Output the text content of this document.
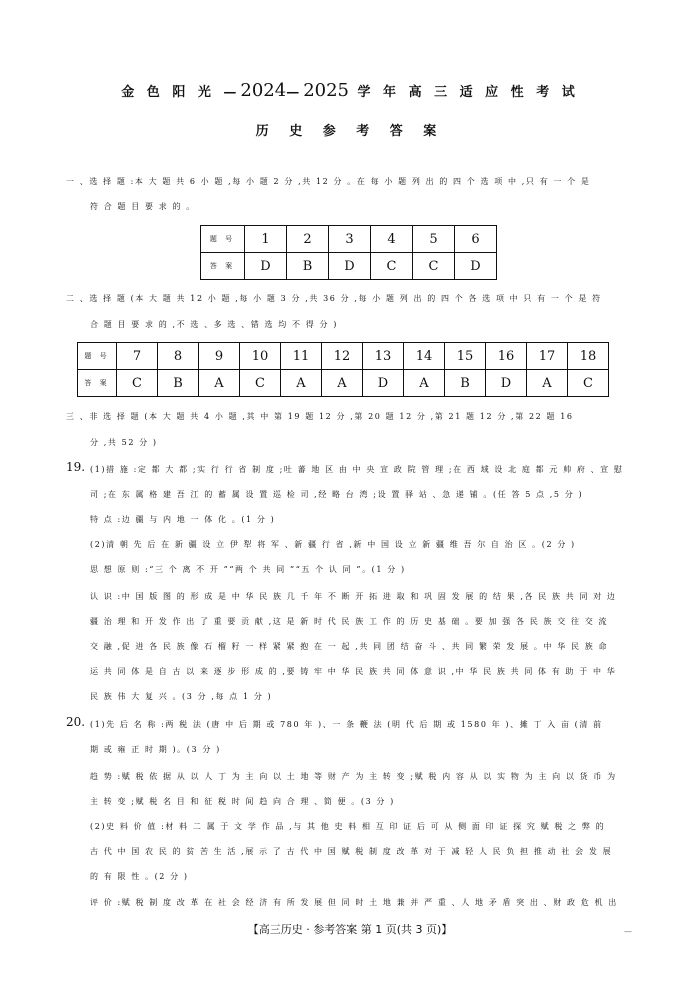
金 色 阳 光 —2024—2025 学 年 高 三 适 应 性 考 试
历 史 参 考 答 案
一 、选 择 题 :本 大 题 共 6 小 题 ,每 小 题 2 分 ,共 12 分 。在 每 小 题 列 出 的 四 个 选 项 中 ,只 有 一 个 是
符 合 题 目 要 求 的 。
题 号	1	2	3	4	5	6
答 案	D	B	D	C	C	D
二 、选 择 题 (本 大 题 共 12 小 题 ,每 小 题 3 分 ,共 36 分 ,每 小 题 列 出 的 四 个 各 选 项 中 只 有 一 个 是 符
合 题 目 要 求 的 ,不 选 、多 选 、错 选 均 不 得 分 )
题 号	7	8	9	10	11	12	13	14	15	16	17	18
答 案	C	B	A	C	A	A	D	A	B	D	A	C
三 、非 选 择 题 (本 大 题 共 4 小 题 ,其 中 第 19 题 12 分 ,第 20 题 12 分 ,第 21 题 12 分 ,第 22 题 16
分 ,共 52 分 )
19. (1)措 施 :定 都 大 都 ;实 行 行 省 制 度 ;吐 蕃 地 区 由 中 央 宣 政 院 管 理 ;在 西 域 设 北 庭 都 元 帅 府 、宣 慰
司 ;在 东 属 格 建 吾 江 的 蓄 属 设 置 巡 检 司 ,经 略 台 湾 ;设 置 驿 站 、急 递 铺 。(任 答 5 点 ,5 分 )
特 点 :边 疆 与 内 地 一 体 化 。(1 分 )
(2)清 朝 先 后 在 新 疆 设 立 伊 犁 将 军 、新 疆 行 省 ,新 中 国 设 立 新 疆 维 吾 尔 自 治 区 。(2 分 )
思 想 原 则 :“三 个 离 不 开 ”“两 个 共 同 ”“五 个 认 同 ”。(1 分 )
认 识 :中 国 版 图 的 形 成 是 中 华 民 族 几 千 年 不 断 开 拓 进 取 和 巩 固 发 展 的 结 果 ,各 民 族 共 同 对 边
疆 治 理 和 开 发 作 出 了 重 要 贡 献 ,这 是 新 时 代 民 族 工 作 的 历 史 基 础 。要 加 强 各 民 族 交 往 交 流
交 融 ,促 进 各 民 族 像 石 榴 籽 一 样 紧 紧 抱 在 一 起 ,共 同 团 结 奋 斗 、共 同 繁 荣 发 展 。中 华 民 族 命
运 共 同 体 是 自 古 以 来 逐 步 形 成 的 ,要 铸 牢 中 华 民 族 共 同 体 意 识 ,中 华 民 族 共 同 体 有 助 于 中 华
民 族 伟 大 复 兴 。(3 分 ,每 点 1 分 )
20. (1)先 后 名 称 :两 税 法 (唐 中 后 期 或 780 年 )、一 条 鞭 法 (明 代 后 期 或 1580 年 )、摊 丁 入 亩 (清 前
期 或 雍 正 时 期 )。(3 分 )
趋 势 :赋 税 依 据 从 以 人 丁 为 主 向 以 土 地 等 财 产 为 主 转 变 ;赋 税 内 容 从 以 实 物 为 主 向 以 货 币 为
主 转 变 ;赋 税 名 目 和 征 税 时 间 趋 向 合 理 、简 便 。(3 分 )
(2)史 料 价 值 :材 料 二 属 于 文 学 作 品 ,与 其 他 史 料 相 互 印 证 后 可 从 侧 面 印 证 探 究 赋 税 之 弊 的
古 代 中 国 农 民 的 贫 苦 生 活 ,展 示 了 古 代 中 国 赋 税 制 度 改 革 对 于 减 轻 人 民 负 担 推 动 社 会 发 展
的 有 限 性 。(2 分 )
评 价 :赋 税 制 度 改 革 在 社 会 经 济 有 所 发 展 但 同 时 土 地 兼 并 严 重 、人 地 矛 盾 突 出 、财 政 危 机 出
【高三历史 · 参考答案 第 1 页(共 3 页)】	—
